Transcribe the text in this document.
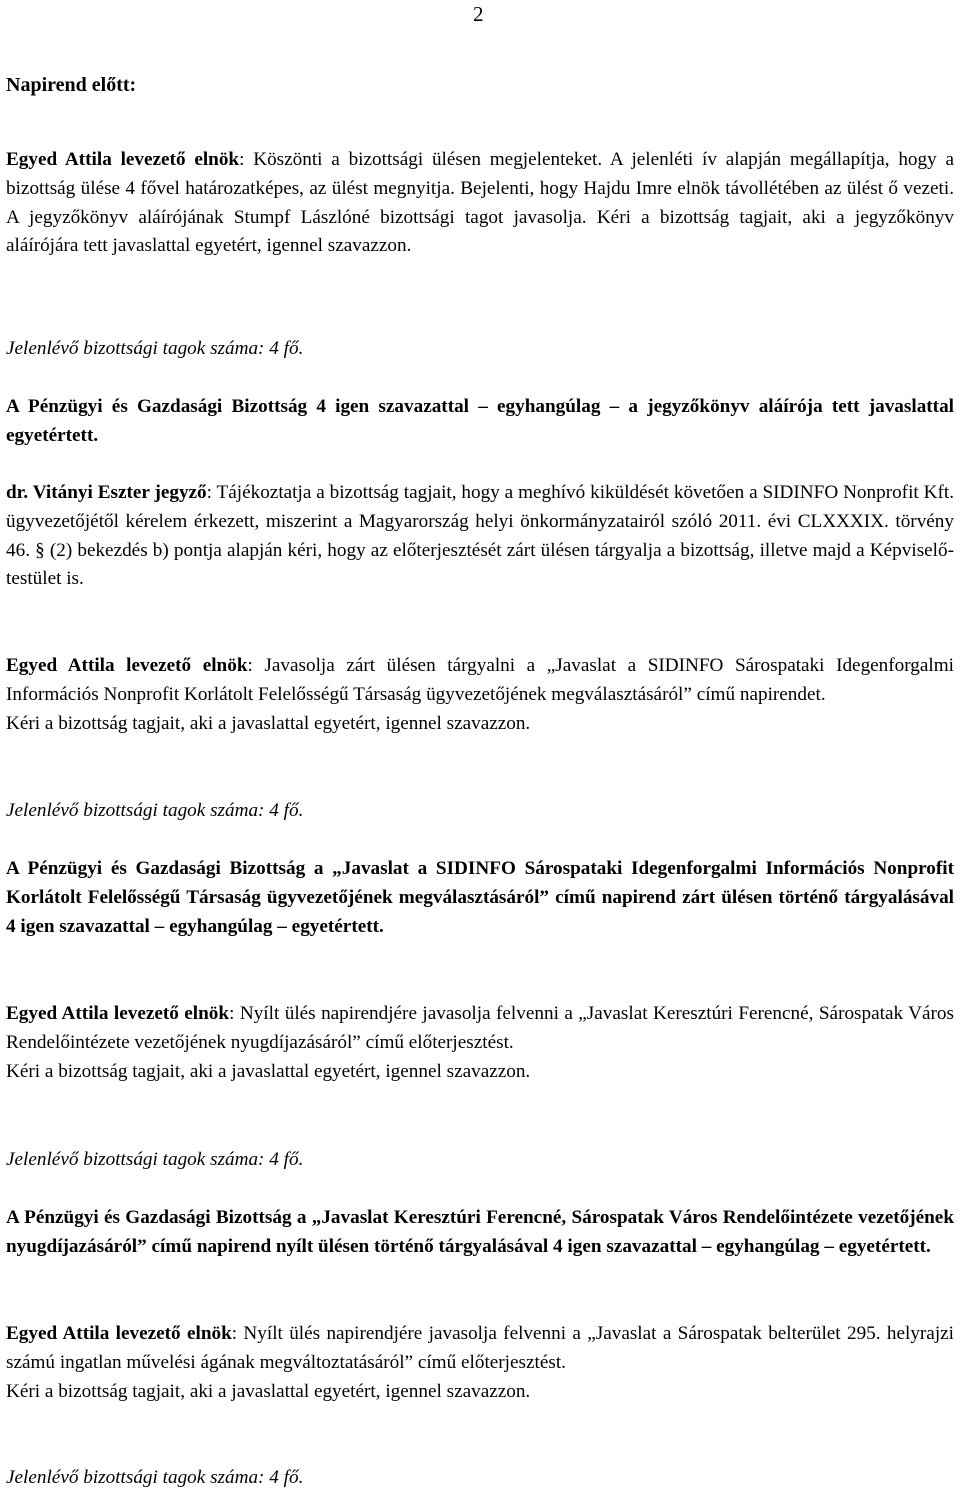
2
Napirend előtt:

Egyed Attila levezető elnök: Köszönti a bizottsági ülésen megjelenteket. A jelenléti ív alapján megállapítja, hogy a bizottság ülése 4 fővel határozatképes, az ülést megnyitja. Bejelenti, hogy Hajdu Imre elnök távollétében az ülést ő vezeti. A jegyzőkönyv aláírójának Stumpf Lászlóné bizottsági tagot javasolja. Kéri a bizottság tagjait, aki a jegyzőkönyv aláírójára tett javaslattal egyetért, igennel szavazzon.

Jelenlévő bizottsági tagok száma: 4 fő.

A Pénzügyi és Gazdasági Bizottság 4 igen szavazattal – egyhangúlag – a jegyzőkönyv aláírója tett javaslattal egyetértett.

dr. Vitányi Eszter jegyző: Tájékoztatja a bizottság tagjait, hogy a meghívó kiküldését követően a SIDINFO Nonprofit Kft. ügyvezetőjétől kérelem érkezett, miszerint a Magyarország helyi önkormányzatairól szóló 2011. évi CLXXXIX. törvény 46. § (2) bekezdés b) pontja alapján kéri, hogy az előterjesztését zárt ülésen tárgyalja a bizottság, illetve majd a Képviselő-testület is.

Egyed Attila levezető elnök: Javasolja zárt ülésen tárgyalni a „Javaslat a SIDINFO Sárospataki Idegenforgalmi Információs Nonprofit Korlátolt Felelősségű Társaság ügyvezetőjének megválasztásáról” című napirendet.
Kéri a bizottság tagjait, aki a javaslattal egyetért, igennel szavazzon.

Jelenlévő bizottsági tagok száma: 4 fő.

A Pénzügyi és Gazdasági Bizottság a „Javaslat a SIDINFO Sárospataki Idegenforgalmi Információs Nonprofit Korlátolt Felelősségű Társaság ügyvezetőjének megválasztásáról” című napirend zárt ülésen történő tárgyalásával 4 igen szavazattal – egyhangúlag – egyetértett.

Egyed Attila levezető elnök: Nyílt ülés napirendjére javasolja felvenni a „Javaslat Keresztúri Ferencné, Sárospatak Város Rendelőintézete vezetőjének nyugdíjazásáról” című előterjesztést.
Kéri a bizottság tagjait, aki a javaslattal egyetért, igennel szavazzon.

Jelenlévő bizottsági tagok száma: 4 fő.

A Pénzügyi és Gazdasági Bizottság a „Javaslat Keresztúri Ferencné, Sárospatak Város Rendelőintézete vezetőjének nyugdíjazásáról” című napirend nyílt ülésen történő tárgyalásával 4 igen szavazattal – egyhangúlag – egyetértett.

Egyed Attila levezető elnök: Nyílt ülés napirendjére javasolja felvenni a „Javaslat a Sárospatak belterület 295. helyrajzi számú ingatlan művelési ágának megváltoztatásáról” című előterjesztést.
Kéri a bizottság tagjait, aki a javaslattal egyetért, igennel szavazzon.

Jelenlévő bizottsági tagok száma: 4 fő.
